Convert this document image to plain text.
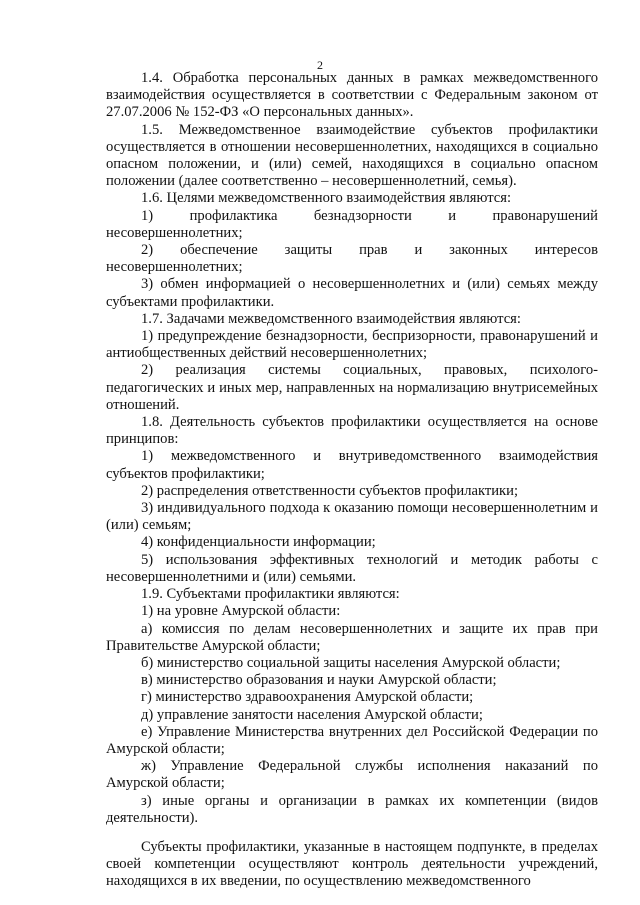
2

1.4. Обработка персональных данных в рамках межведомственного взаимодействия осуществляется в соответствии с Федеральным законом от 27.07.2006 № 152-ФЗ «О персональных данных».

1.5. Межведомственное взаимодействие субъектов профилактики осуществляется в отношении несовершеннолетних, находящихся в социально опасном положении, и (или) семей, находящихся в социально опасном положении (далее соответственно – несовершеннолетний, семья).

1.6. Целями межведомственного взаимодействия являются:

1) профилактика безнадзорности и правонарушений несовершеннолетних;

2) обеспечение защиты прав и законных интересов несовершеннолетних;

3) обмен информацией о несовершеннолетних и (или) семьях между субъектами профилактики.

1.7. Задачами межведомственного взаимодействия являются:

1) предупреждение безнадзорности, беспризорности, правонарушений и антиобщественных действий несовершеннолетних;

2) реализация системы социальных, правовых, психолого-педагогических и иных мер, направленных на нормализацию внутрисемейных отношений.

1.8. Деятельность субъектов профилактики осуществляется на основе принципов:

1) межведомственного и внутриведомственного взаимодействия субъектов профилактики;

2) распределения ответственности субъектов профилактики;

3) индивидуального подхода к оказанию помощи несовершеннолетним и (или) семьям;

4) конфиденциальности информации;

5) использования эффективных технологий и методик работы с несовершеннолетними и (или) семьями.

1.9. Субъектами профилактики являются:

1) на уровне Амурской области:

а) комиссия по делам несовершеннолетних и защите их прав при Правительстве Амурской области;

б) министерство социальной защиты населения Амурской области;

в) министерство образования и науки Амурской области;

г) министерство здравоохранения Амурской области;

д) управление занятости населения Амурской области;

е) Управление Министерства внутренних дел Российской Федерации по Амурской области;

ж) Управление Федеральной службы исполнения наказаний по Амурской области;

з) иные органы и организации в рамках их компетенции (видов деятельности).

Субъекты профилактики, указанные в настоящем подпункте, в пределах своей компетенции осуществляют контроль деятельности учреждений, находящихся в их введении, по осуществлению межведомственного
